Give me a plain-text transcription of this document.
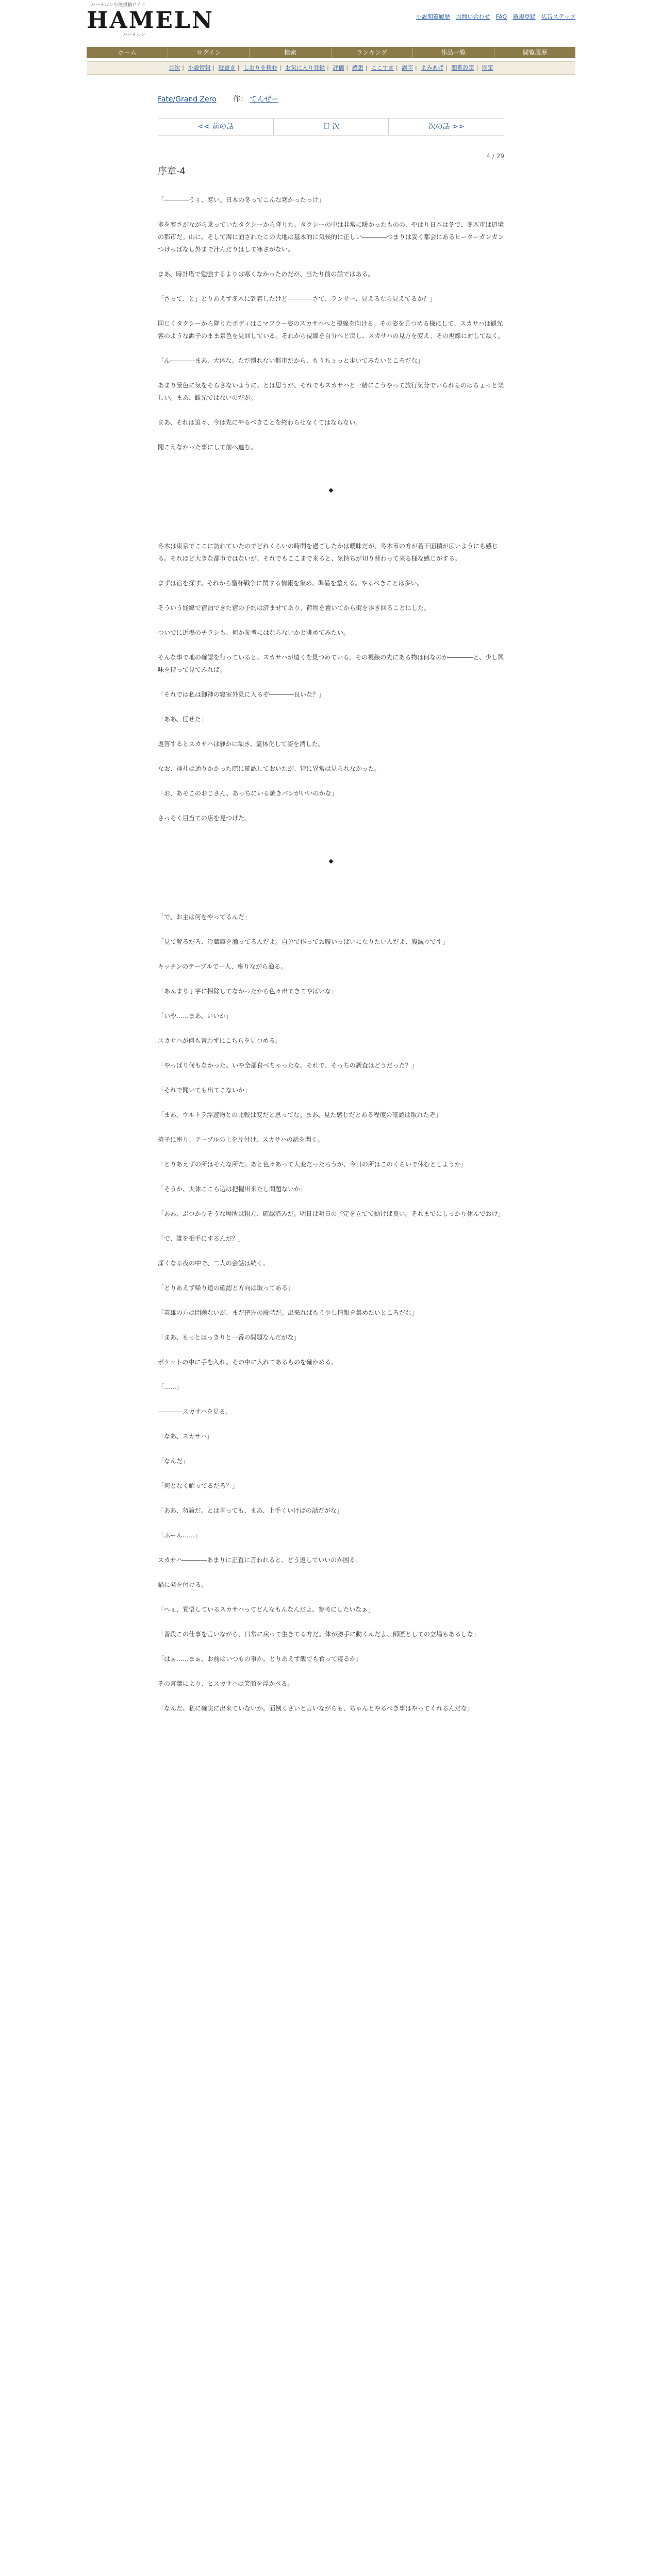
ハーメルン小説投稿サイト
HAMELN
ハーメルン
小説閲覧履歴 お問い合わせ FAQ 新規登録 広告ステップ
ホーム	ログイン	検索	ランキング	作品一覧	閲覧履歴
目次 | 小説情報 | 縦書き | しおりを挟む | お気に入り登録 | 評価 | 感想 | ここすき | 誤字 | よみあげ | 閲覧設定 | 固定
Fate/Grand Zero 作： てんぜー
<< 前の話	目 次	次の話 >>
4 / 29
序章-4

「――――うぅ、寒い。日本の冬ってこんな寒かったっけ」

多を寒さがながら乗っていたタクシーから降りた。タクシーの中は非常に暖かったものの、やはり日本は冬で、冬木市は辺境の都市だ。山に、そして海に面されたこの大地は基本的に気候的に正しい――――つまりは妥く都会にあるヒーターガンガンつけっぱなし外まで汁んだりはして寒さがない。

まあ、時計塔で勉強するよりは寒くなかったのだが、当たり前の話ではある。

「さって、と」とりあえず冬木に到着したけど――――さて、ランサー、見えるなら見えてるか？」

同じくタクシーから降りたボディはこマフラー姿のスカサハへと視線を向ける。その姿を見つめる様にして、スカサハは観光客のような調子のまま景色を見回している。それから視線を自分へと戻し、スカサハの見方を変え、その視線に対して頷く。

「ん――――まあ、大体な。ただ慣れない都市だから、もうちょっと歩いてみたいところだな」

あまり景色に気をそらさないように、とは思うが、それでもスカサハと一緒にこうやって旅行気分でいられるのはちょっと楽しい。まあ、観光ではないのだが。

まあ、それは追々、今は先にやるべきことを終わらせなくてはならない。

聞こえなかった事にして前へ進む。

◆

冬木は東京でここに訪れていたのでどれくらいの時間を過ごしたかは曖昧だが、冬木市の方が若干面積が広いようにも感じる。それほど大きな都市ではないが、それでもここまで来ると、気持ちが切り替わって来る様な感じがする。

まずは宿を探す。それから聖杯戦争に関する情報を集め、準備を整える。やるべきことは多い。

そういう経緯で宿泊できた宿の予約は済ませてあり、荷物を置いてから街を歩き回ることにした。

ついでに近場のチラシも、何か参考にはならないかと眺めてみたい。

そんな事で地の確認を行っていると、スカサハが遠くを見つめている。その視線の先にある物は何なのか――――と、少し興味を持って見てみれば。

「それでは私は御神の寝室外見に入るぞ――――良いな？」

「ああ、任せた」

返答するとスカサハは静かに頷き、霊体化して姿を消した。

なお、神社は通りかかった際に確認しておいたが、特に異常は見られなかった。

「お、あそこのおじさん、あっちにいる焼きパンがいいのかな」

さっそく目当ての店を見つけた。

◆

「で、お主は何をやってるんだ」

「見て解るだろ、冷蔵庫を漁ってるんだよ。自分で作ってお腹いっぱいになりたいんだよ、腹減りです」

キッチンのテーブルで一人、座りながら漁る。

「あんまり丁寧に掃除してなかったから色々出てきてやばいな」

「いや……まあ、いいか」

スカサハが何も言わずにこちらを見つめる。

「やっぱり何もなかった。いや全部食べちゃったな。それで、そっちの調査はどうだった？」

「それで聞いても出てこないか」

「まあ、ウルトラ浮遊物との比較は変だと思ってな。まあ、見た感じだとある程度の確認は取れたぞ」

椅子に座り、テーブルの上を片付け、スカサハの話を聞く。

「とりあえずの所はそんな所だ。あと色々あって大変だったろうが、今日の所はこのくらいで休むとしようか」

「そうか、大体ここら辺は把握出来たし問題ないか」

「ああ、ぶつかりそうな場所は粗方、確認済みだ。明日は明日の予定を立てて動けば良い。それまでにしっかり休んでおけ」

「で、誰を相手にするんだ？」

深くなる夜の中で、二人の会話は続く。

「とりあえず帰り道の確認と方向は取ってある」

「英雄の方は問題ないが、まだ把握の段階だ。出来ればもう少し情報を集めたいところだな」

「まあ、もっとはっきりと一番の問題なんだがな」

ポケットの中に手を入れ、その中に入れてあるものを確かめる。

「……」

――――スカサハを見る。

「なあ、スカサハ」

「なんだ」

「何となく解ってるだろ？」

「ああ、勿論だ。とは言っても、まあ、上手くいけばの話だがな」

「ふーん……」

スカサハ――――あまりに正直に言われると、どう返していいのか困る。

鍋に発を付ける。

「へぇ、覚悟しているスカサハってどんなもんなんだよ。参考にしたいなぁ」

「普段この仕事を言いながら、日常に戻って生きてる方だ。体が勝手に動くんだよ、師匠としての立場もあるしな」

「はぁ……まぁ、お前はいつもの事か。とりあえず飯でも食って寝るか」

その言葉により、ヒスカサハは笑顔を浮かべる。

「なんだ、私に確実に出来ていないか。面倒くさいと言いながらも、ちゃんとやるべき事はやってくれるんだな」
